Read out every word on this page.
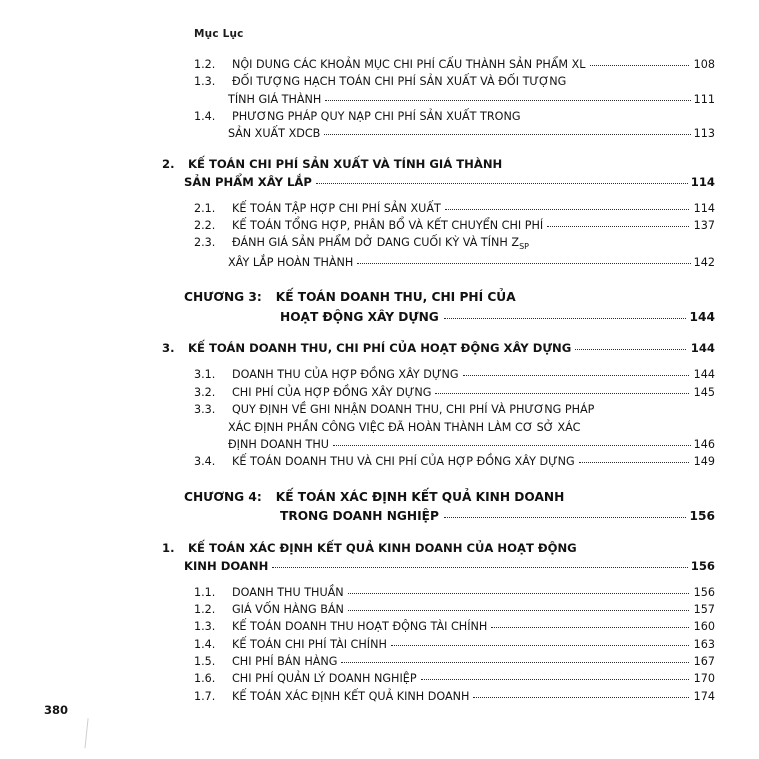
Mục Lục
1.2.	NỘI DUNG CÁC KHOẢN MỤC CHI PHÍ CẤU THÀNH SẢN PHẨM XL	108
1.3.	ĐỐI TƯỢNG HẠCH TOÁN CHI PHÍ SẢN XUẤT VÀ ĐỐI TƯỢNG
TÍNH GIÁ THÀNH	111
1.4.	PHƯƠNG PHÁP QUY NẠP CHI PHÍ SẢN XUẤT TRONG
SẢN XUẤT XDCB	113
2.	KẾ TOÁN CHI PHÍ SẢN XUẤT VÀ TÍNH GIÁ THÀNH
SẢN PHẨM XÂY LẮP	114
2.1.	KẾ TOÁN TẬP HỢP CHI PHÍ SẢN XUẤT	114
2.2.	KẾ TOÁN TỔNG HỢP, PHÂN BỔ VÀ KẾT CHUYỂN CHI PHÍ	137
2.3.	ĐÁNH GIÁ SẢN PHẨM DỞ DANG CUỐI KỲ VÀ TÍNH $Z_{SP}$
XÂY LẮP HOÀN THÀNH	142
CHƯƠNG 3:	KẾ TOÁN DOANH THU, CHI PHÍ CỦA
HOẠT ĐỘNG XÂY DỰNG	144
3.	KẾ TOÁN DOANH THU, CHI PHÍ CỦA HOẠT ĐỘNG XÂY DỰNG	144
3.1.	DOANH THU CỦA HỢP ĐỒNG XÂY DỰNG	144
3.2.	CHI PHÍ CỦA HỢP ĐỒNG XÂY DỰNG	145
3.3.	QUY ĐỊNH VỀ GHI NHẬN DOANH THU, CHI PHÍ VÀ PHƯƠNG PHÁP
XÁC ĐỊNH PHẦN CÔNG VIỆC ĐÃ HOÀN THÀNH LÀM CƠ SỞ XÁC
ĐỊNH DOANH THU	146
3.4.	KẾ TOÁN DOANH THU VÀ CHI PHÍ CỦA HỢP ĐỒNG XÂY DỰNG	149
CHƯƠNG 4:	KẾ TOÁN XÁC ĐỊNH KẾT QUẢ KINH DOANH
TRONG DOANH NGHIỆP	156
1.	KẾ TOÁN XÁC ĐỊNH KẾT QUẢ KINH DOANH CỦA HOẠT ĐỘNG
KINH DOANH	156
1.1.	DOANH THU THUẦN	156
1.2.	GIÁ VỐN HÀNG BÁN	157
1.3.	KẾ TOÁN DOANH THU HOẠT ĐỘNG TÀI CHÍNH	160
1.4.	KẾ TOÁN CHI PHÍ TÀI CHÍNH	163
1.5.	CHI PHÍ BÁN HÀNG	167
1.6.	CHI PHÍ QUẢN LÝ DOANH NGHIỆP	170
1.7.	KẾ TOÁN XÁC ĐỊNH KẾT QUẢ KINH DOANH	174
380
